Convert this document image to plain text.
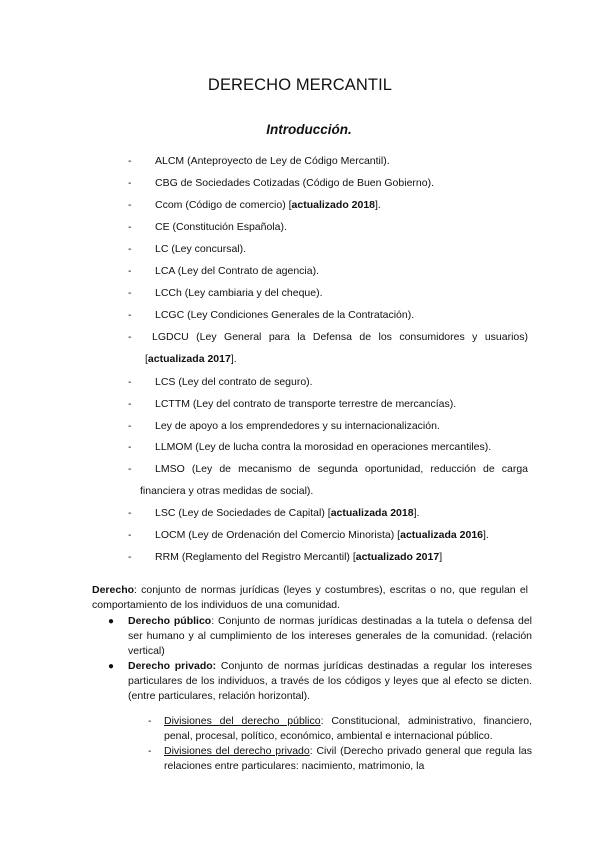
DERECHO MERCANTIL
Introducción.
- ALCM (Anteproyecto de Ley de Código Mercantil).
- CBG de Sociedades Cotizadas (Código de Buen Gobierno).
- Ccom (Código de comercio) [actualizado 2018].
- CE (Constitución Española).
- LC (Ley concursal).
- LCA (Ley del Contrato de agencia).
- LCCh (Ley cambiaria y del cheque).
- LCGC (Ley Condiciones Generales de la Contratación).
- LGDCU (Ley General para la Defensa de los consumidores y usuarios)
[actualizada 2017].
- LCS (Ley del contrato de seguro).
- LCTTM (Ley del contrato de transporte terrestre de mercancías).
- Ley de apoyo a los emprendedores y su internacionalización.
- LLMOM (Ley de lucha contra la morosidad en operaciones mercantiles).
- LMSO (Ley de mecanismo de segunda oportunidad, reducción de carga
financiera y otras medidas de social).
- LSC (Ley de Sociedades de Capital) [actualizada 2018].
- LOCM (Ley de Ordenación del Comercio Minorista) [actualizada 2016].
- RRM (Reglamento del Registro Mercantil) [actualizado 2017]
Derecho: conjunto de normas jurídicas (leyes y costumbres), escritas o no, que regulan el comportamiento de los individuos de una comunidad.
● Derecho público: Conjunto de normas jurídicas destinadas a la tutela o defensa del ser humano y al cumplimiento de los intereses generales de la comunidad. (relación vertical)
● Derecho privado: Conjunto de normas jurídicas destinadas a regular los intereses particulares de los individuos, a través de los códigos y leyes que al efecto se dicten. (entre particulares, relación horizontal).
- Divisiones del derecho público: Constitucional, administrativo, financiero, penal, procesal, político, económico, ambiental e internacional público.
- Divisiones del derecho privado: Civil (Derecho privado general que regula las relaciones entre particulares: nacimiento, matrimonio, la
